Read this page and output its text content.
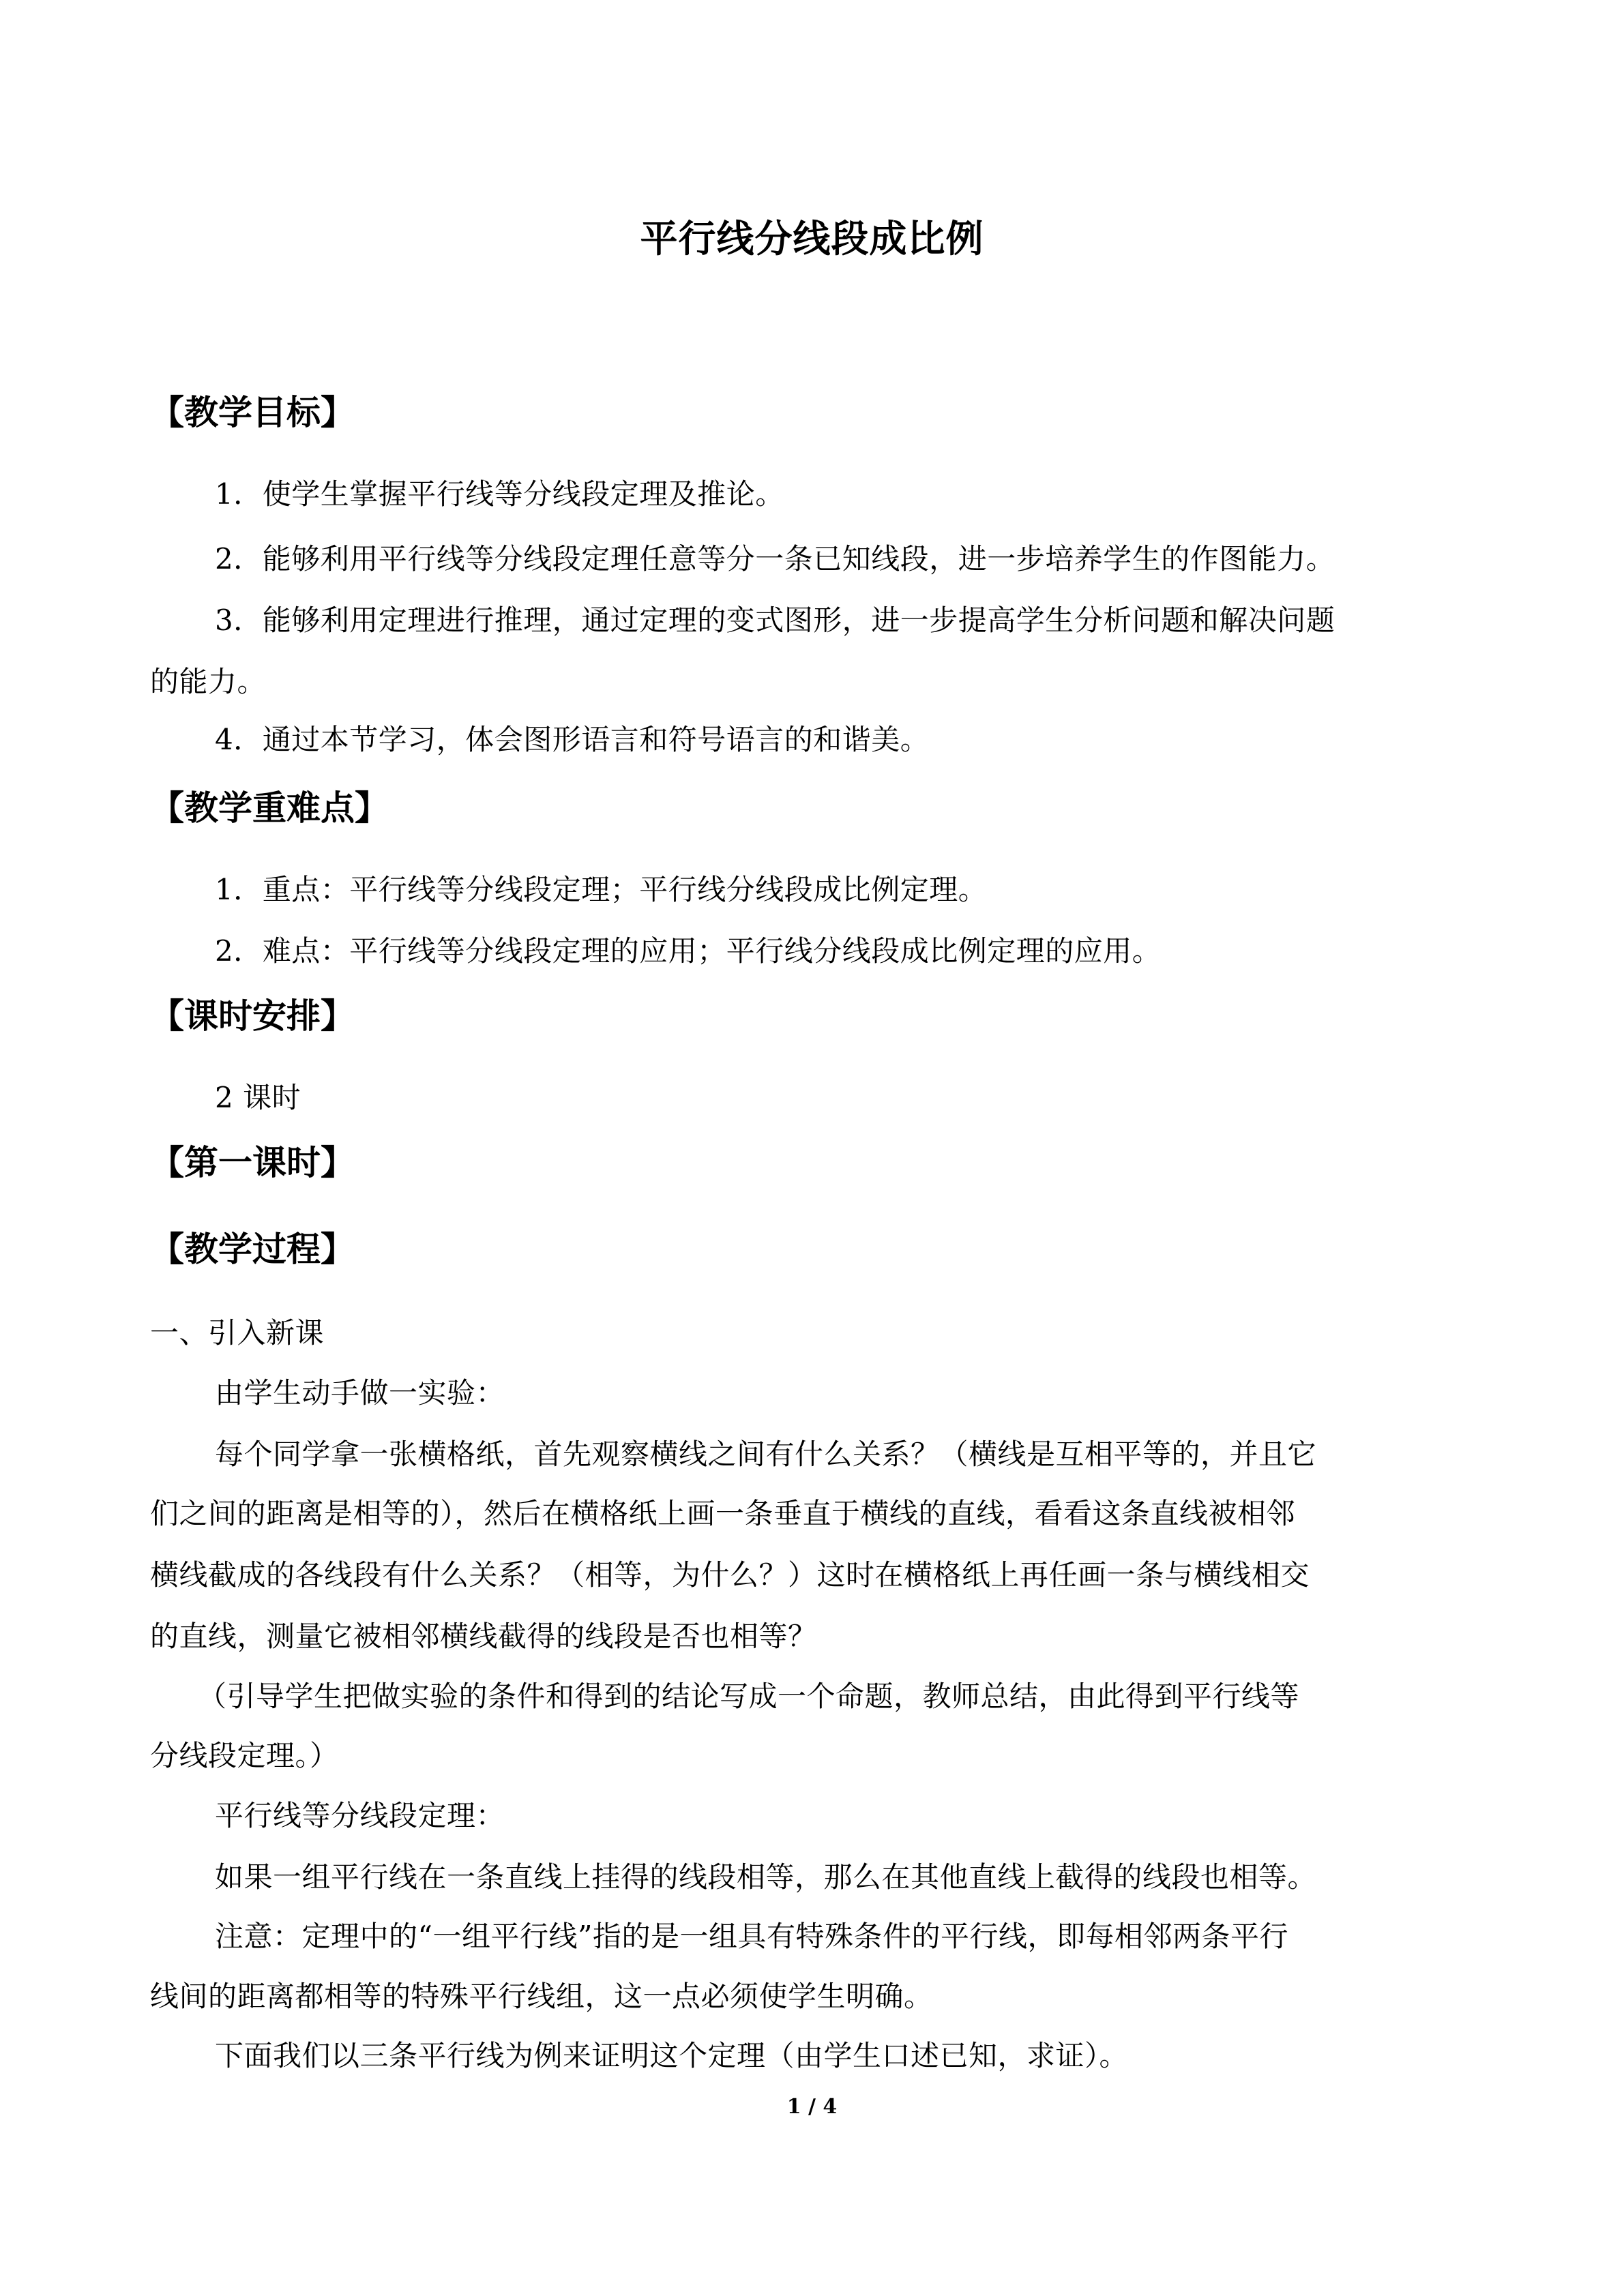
平行线分线段成比例
【教学目标】
1．使学生掌握平行线等分线段定理及推论。
2．能够利用平行线等分线段定理任意等分一条已知线段，进一步培养学生的作图能力。
3．能够利用定理进行推理，通过定理的变式图形，进一步提高学生分析问题和解决问题
的能力。
4．通过本节学习，体会图形语言和符号语言的和谐美。
【教学重难点】
1．重点：平行线等分线段定理；平行线分线段成比例定理。
2．难点：平行线等分线段定理的应用；平行线分线段成比例定理的应用。
【课时安排】
2 课时
【第一课时】
【教学过程】
一、引入新课
由学生动手做一实验：
每个同学拿一张横格纸，首先观察横线之间有什么关系？（横线是互相平等的，并且它
们之间的距离是相等的），然后在横格纸上画一条垂直于横线的直线，看看这条直线被相邻
横线截成的各线段有什么关系？（相等，为什么？）这时在横格纸上再任画一条与横线相交
的直线，测量它被相邻横线截得的线段是否也相等？
（引导学生把做实验的条件和得到的结论写成一个命题，教师总结，由此得到平行线等
分线段定理。）
平行线等分线段定理：
如果一组平行线在一条直线上挂得的线段相等，那么在其他直线上截得的线段也相等。
注意：定理中的“一组平行线”指的是一组具有特殊条件的平行线，即每相邻两条平行
线间的距离都相等的特殊平行线组，这一点必须使学生明确。
下面我们以三条平行线为例来证明这个定理（由学生口述已知，求证）。
1 / 4
